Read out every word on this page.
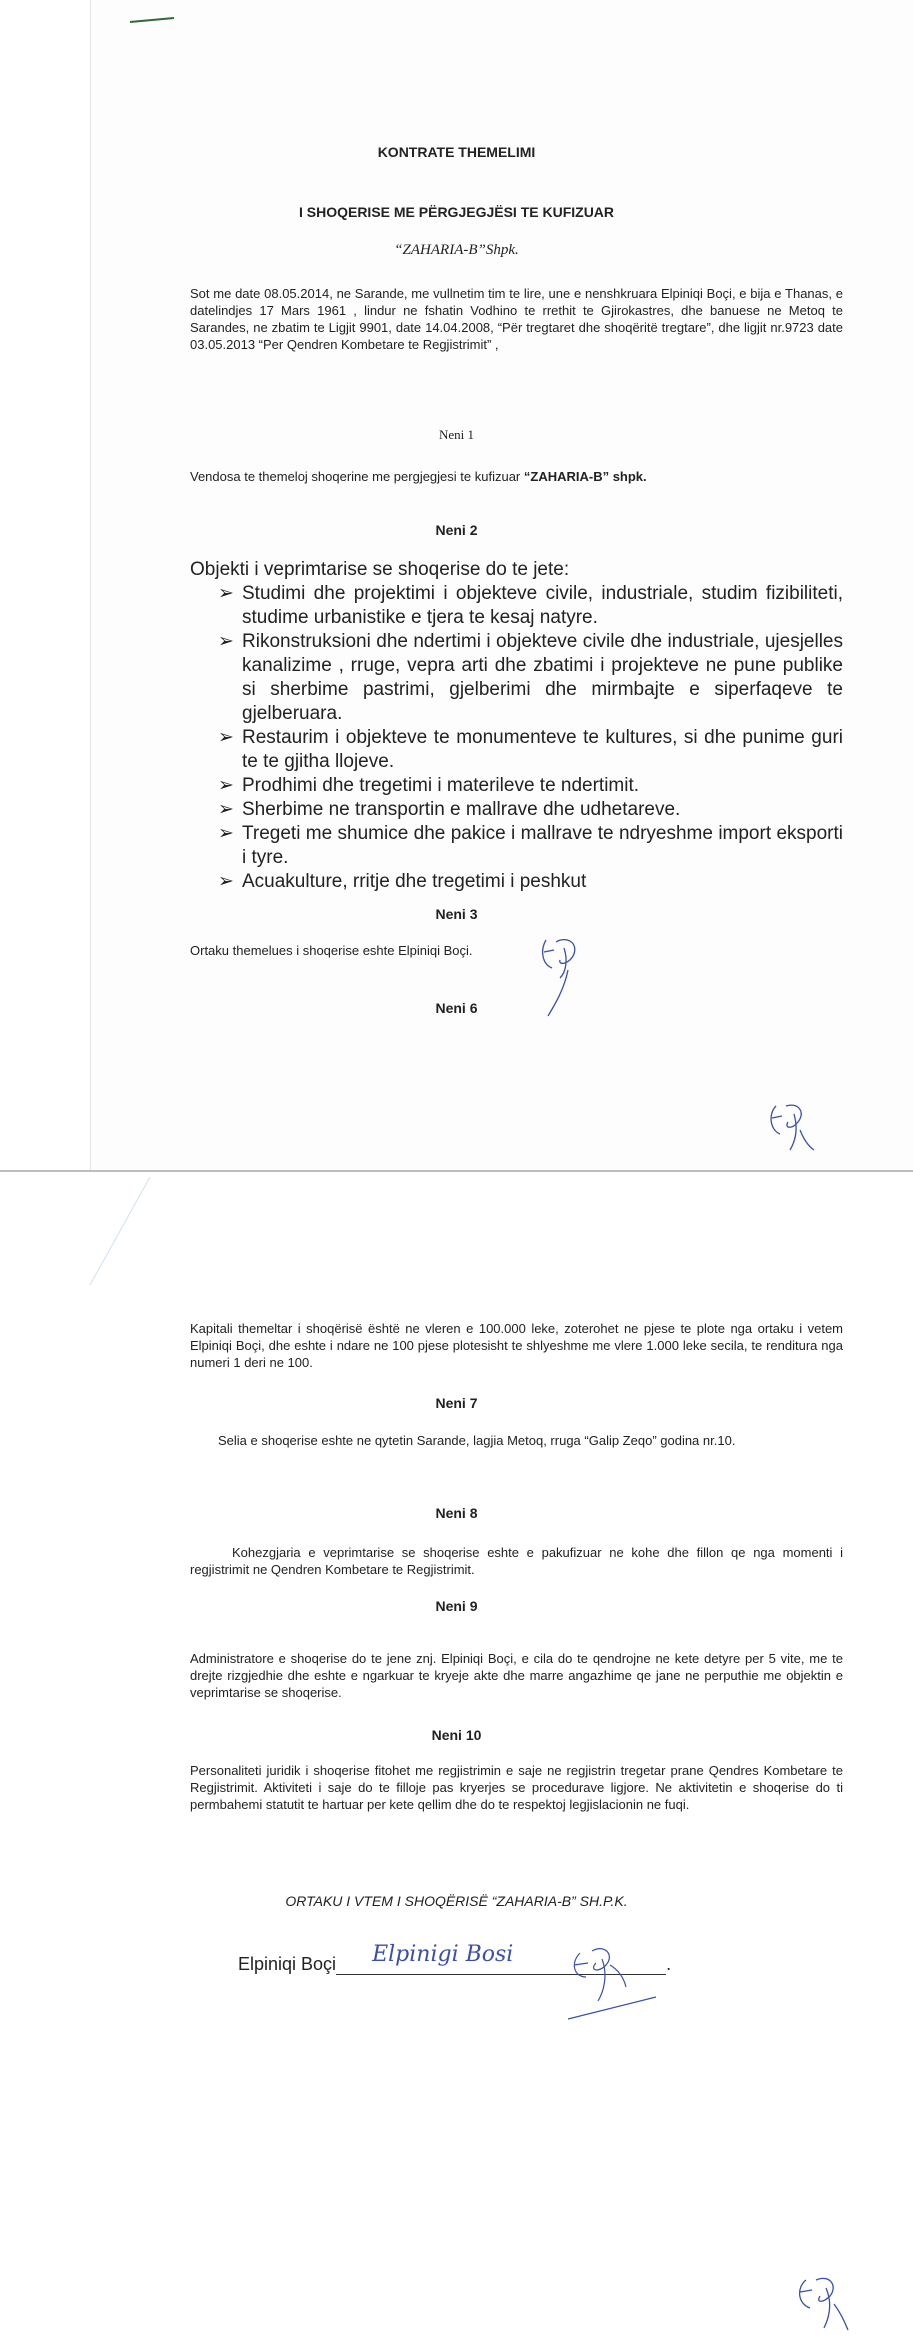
KONTRATE THEMELIMI
I SHOQERISE ME PËRGJEGJËSI TE KUFIZUAR
“ZAHARIA-B”Shpk.
Sot me date 08.05.2014, ne Sarande, me vullnetim tim te lire, une e nenshkruara Elpiniqi Boçi, e bija e Thanas, e datelindjes 17 Mars 1961 , lindur ne fshatin Vodhino te rrethit te Gjirokastres, dhe banuese ne Metoq te Sarandes, ne zbatim te Ligjit 9901, date 14.04.2008, “Për tregtaret dhe shoqëritë tregtare”, dhe ligjit nr.9723 date 03.05.2013 “Per Qendren Kombetare te Regjistrimit” ,
Neni 1
Vendosa te themeloj shoqerine me pergjegjesi te kufizuar “ZAHARIA-B” shpk.
Neni 2
Objekti i veprimtarise se shoqerise do te jete:
➢ Studimi dhe projektimi i objekteve civile, industriale, studim fizibiliteti, studime urbanistike e tjera te kesaj natyre.
➢ Rikonstruksioni dhe ndertimi i objekteve civile dhe industriale, ujesjelles kanalizime , rruge, vepra arti dhe zbatimi i projekteve ne pune publike si sherbime pastrimi, gjelberimi dhe mirmbajte e siperfaqeve te gjelberuara.
➢ Restaurim i objekteve te monumenteve te kultures, si dhe punime guri te te gjitha llojeve.
➢ Prodhimi dhe tregetimi i materileve te ndertimit.
➢ Sherbime ne transportin e mallrave dhe udhetareve.
➢ Tregeti me shumice dhe pakice i mallrave te ndryeshme import eksporti i tyre.
➢ Acuakulture, rritje dhe tregetimi i peshkut
Neni 3
Ortaku themelues i shoqerise eshte Elpiniqi Boçi.
Neni 6
Kapitali themeltar i shoqërisë është ne vleren e 100.000 leke, zoterohet ne pjese te plote nga ortaku i vetem Elpiniqi Boçi, dhe eshte i ndare ne 100 pjese plotesisht te shlyeshme me vlere 1.000 leke secila, te renditura nga numeri 1 deri ne 100.
Neni 7
Selia e shoqerise eshte ne qytetin Sarande, lagjia Metoq, rruga “Galip Zeqo” godina nr.10.
Neni 8
Kohezgjaria e veprimtarise se shoqerise eshte e pakufizuar ne kohe dhe fillon qe nga momenti i regjistrimit ne Qendren Kombetare te Regjistrimit.
Neni 9
Administratore e shoqerise do te jene znj. Elpiniqi Boçi, e cila do te qendrojne ne kete detyre per 5 vite, me te drejte rizgjedhie dhe eshte e ngarkuar te kryeje akte dhe marre angazhime qe jane ne perputhie me objektin e veprimtarise se shoqerise.
Neni 10
Personaliteti juridik i shoqerise fitohet me regjistrimin e saje ne regjistrin tregetar prane Qendres Kombetare te Regjistrimit. Aktiviteti i saje do te filloje pas kryerjes se procedurave ligjore. Ne aktivitetin e shoqerise do ti permbahemi statutit te hartuar per kete qellim dhe do te respektoj legjislacionin ne fuqi.
ORTAKU I VTEM I SHOQËRISË “ZAHARIA-B” SH.P.K.
Elpiniqi Boçi Elpinigi Bosi	.
